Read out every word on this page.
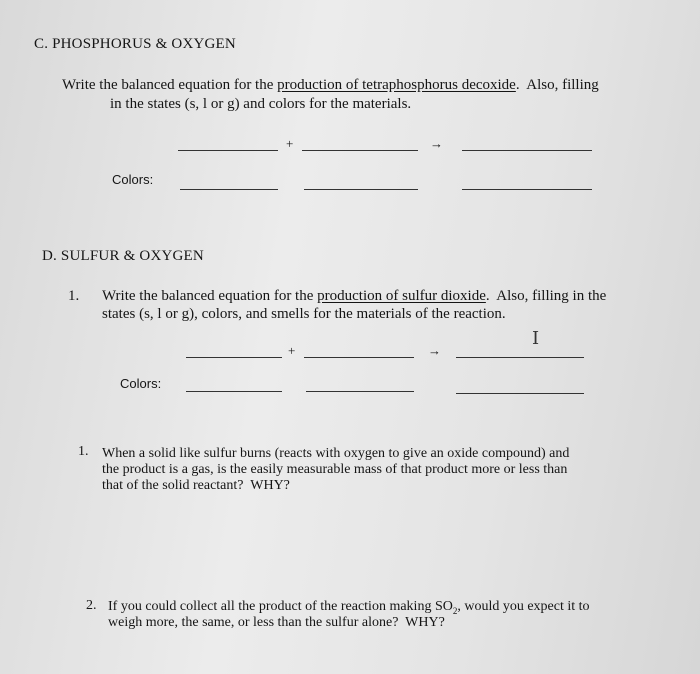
C. PHOSPHORUS & OXYGEN
Write the balanced equation for the production of tetraphosphorus decoxide.  Also, filling
in the states (s, l or g) and colors for the materials.
+	→
Colors:
D. SULFUR & OXYGEN
1. Write the balanced equation for the production of sulfur dioxide.  Also, filling in the
states (s, l or g), colors, and smells for the materials of the reaction.
I
+	→
Colors:
1. When a solid like sulfur burns (reacts with oxygen to give an oxide compound) and
the product is a gas, is the easily measurable mass of that product more or less than
that of the solid reactant?  WHY?
2. If you could collect all the product of the reaction making $SO_2$, would you expect it to
weigh more, the same, or less than the sulfur alone?  WHY?
